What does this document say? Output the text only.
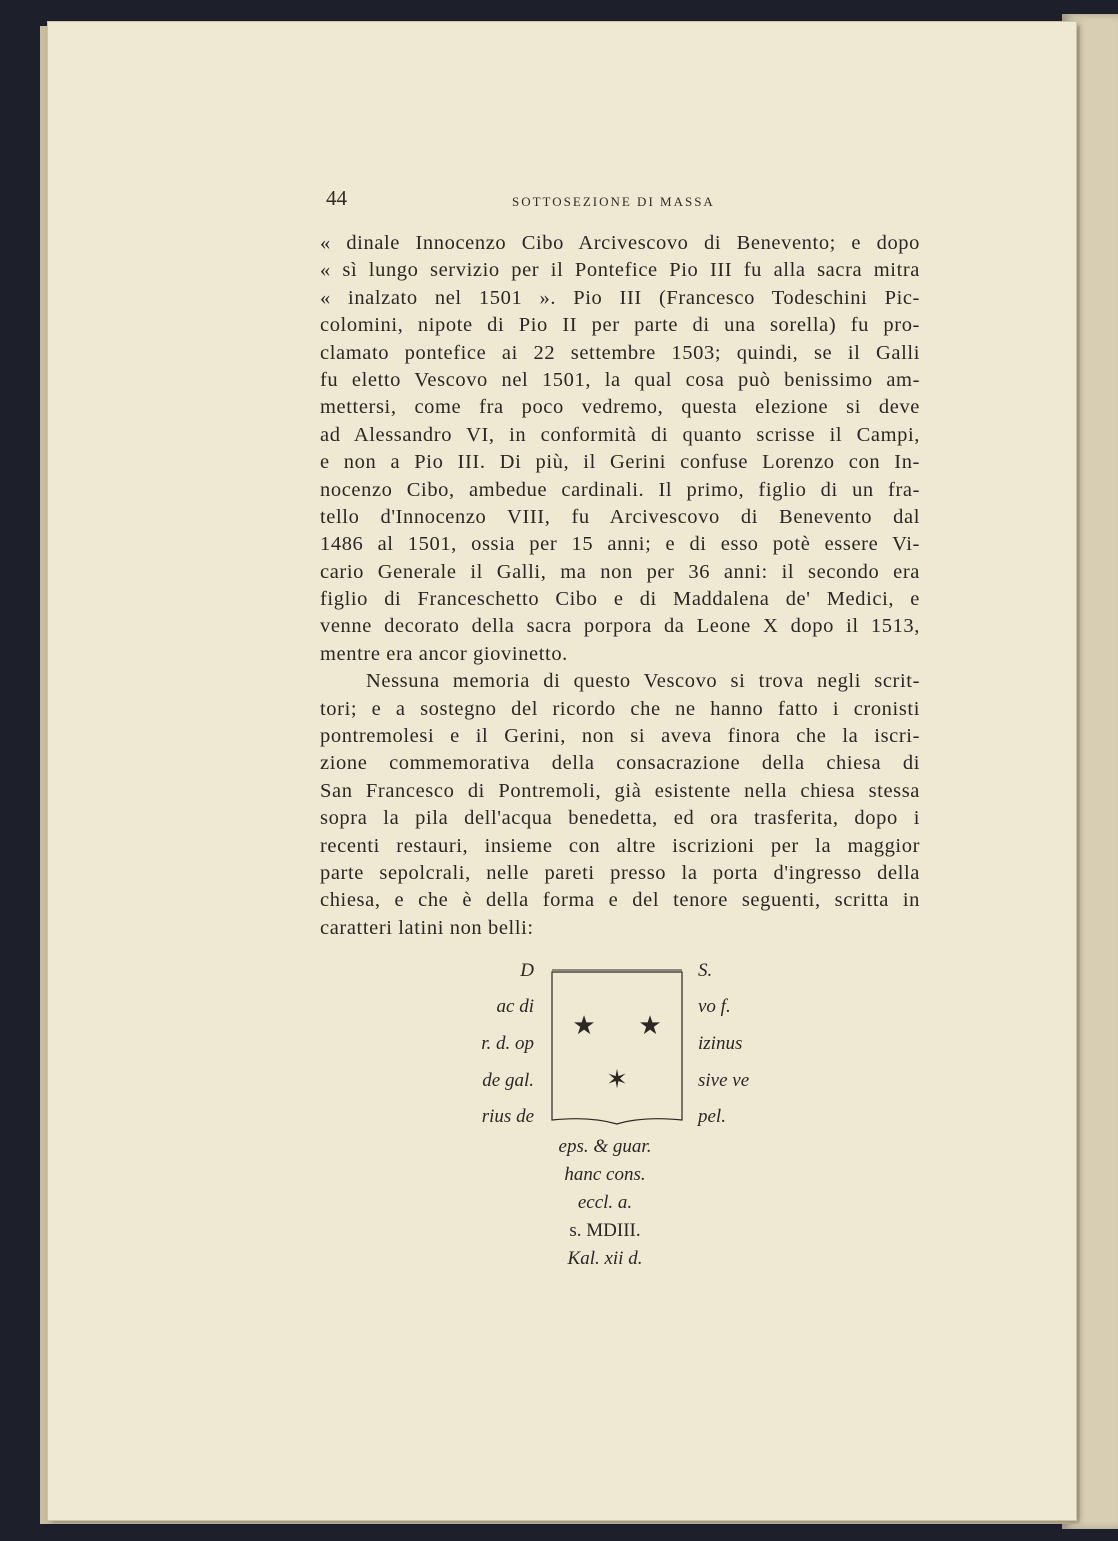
44	SOTTOSEZIONE DI MASSA
« dinale Innocenzo Cibo Arcivescovo di Benevento; e dopo
« sì lungo servizio per il Pontefice Pio III fu alla sacra mitra
« inalzato nel 1501 ». Pio III (Francesco Todeschini Pic-
colomini, nipote di Pio II per parte di una sorella) fu pro-
clamato pontefice ai 22 settembre 1503; quindi, se il Galli
fu eletto Vescovo nel 1501, la qual cosa può benissimo am-
mettersi, come fra poco vedremo, questa elezione si deve
ad Alessandro VI, in conformità di quanto scrisse il Campi,
e non a Pio III. Di più, il Gerini confuse Lorenzo con In-
nocenzo Cibo, ambedue cardinali. Il primo, figlio di un fra-
tello d'Innocenzo VIII, fu Arcivescovo di Benevento dal
1486 al 1501, ossia per 15 anni; e di esso potè essere Vi-
cario Generale il Galli, ma non per 36 anni: il secondo era
figlio di Franceschetto Cibo e di Maddalena de' Medici, e
venne decorato della sacra porpora da Leone X dopo il 1513,
mentre era ancor giovinetto.
Nessuna memoria di questo Vescovo si trova negli scrit-
tori; e a sostegno del ricordo che ne hanno fatto i cronisti
pontremolesi e il Gerini, non si aveva finora che la iscri-
zione commemorativa della consacrazione della chiesa di
San Francesco di Pontremoli, già esistente nella chiesa stessa
sopra la pila dell'acqua benedetta, ed ora trasferita, dopo i
recenti restauri, insieme con altre iscrizioni per la maggior
parte sepolcrali, nelle pareti presso la porta d'ingresso della
chiesa, e che è della forma e del tenore seguenti, scritta in
caratteri latini non belli:
D
ac di
r. d. op
de gal.
rius de
★ ★
✶
S.
vo f.
izinus
sive ve
pel.
eps. & guar.
hanc cons.
eccl. a.
s. MDIII.
Kal. xii d.
